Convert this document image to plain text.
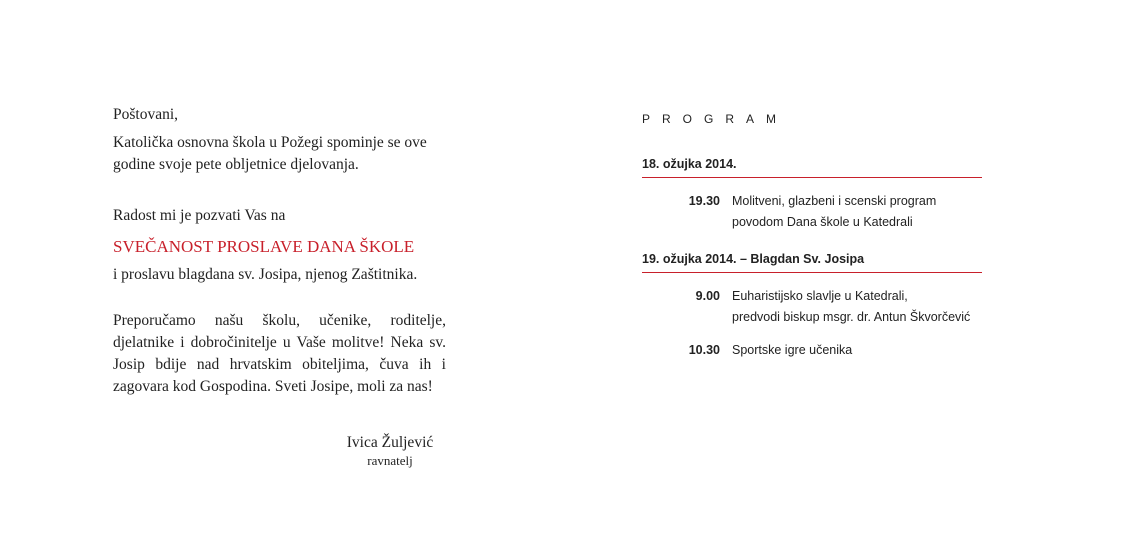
Poštovani,

Katolička osnovna škola u Požegi spominje se ove godine svoje pete obljetnice djelovanja.

Radost mi je pozvati Vas na

SVEČANOST PROSLAVE DANA ŠKOLE

i proslavu blagdana sv. Josipa, njenog Zaštitnika.

Preporučamo našu školu, učenike, roditelje, djelatnike i dobročinitelje u Vaše molitve! Neka sv. Josip bdije nad hrvatskim obiteljima, čuva ih i zagovara kod Gospodina. Sveti Josipe, moli za nas!

Ivica Žuljević
ravnatelj
PROGRAM
18. ožujka 2014.
19.30 Molitveni, glazbeni i scenski program
povodom Dana škole u Katedrali
19. ožujka 2014. – Blagdan Sv. Josipa
9.00 Euharistijsko slavlje u Katedrali,
predvodi biskup msgr. dr. Antun Škvorčević
10.30 Sportske igre učenika
